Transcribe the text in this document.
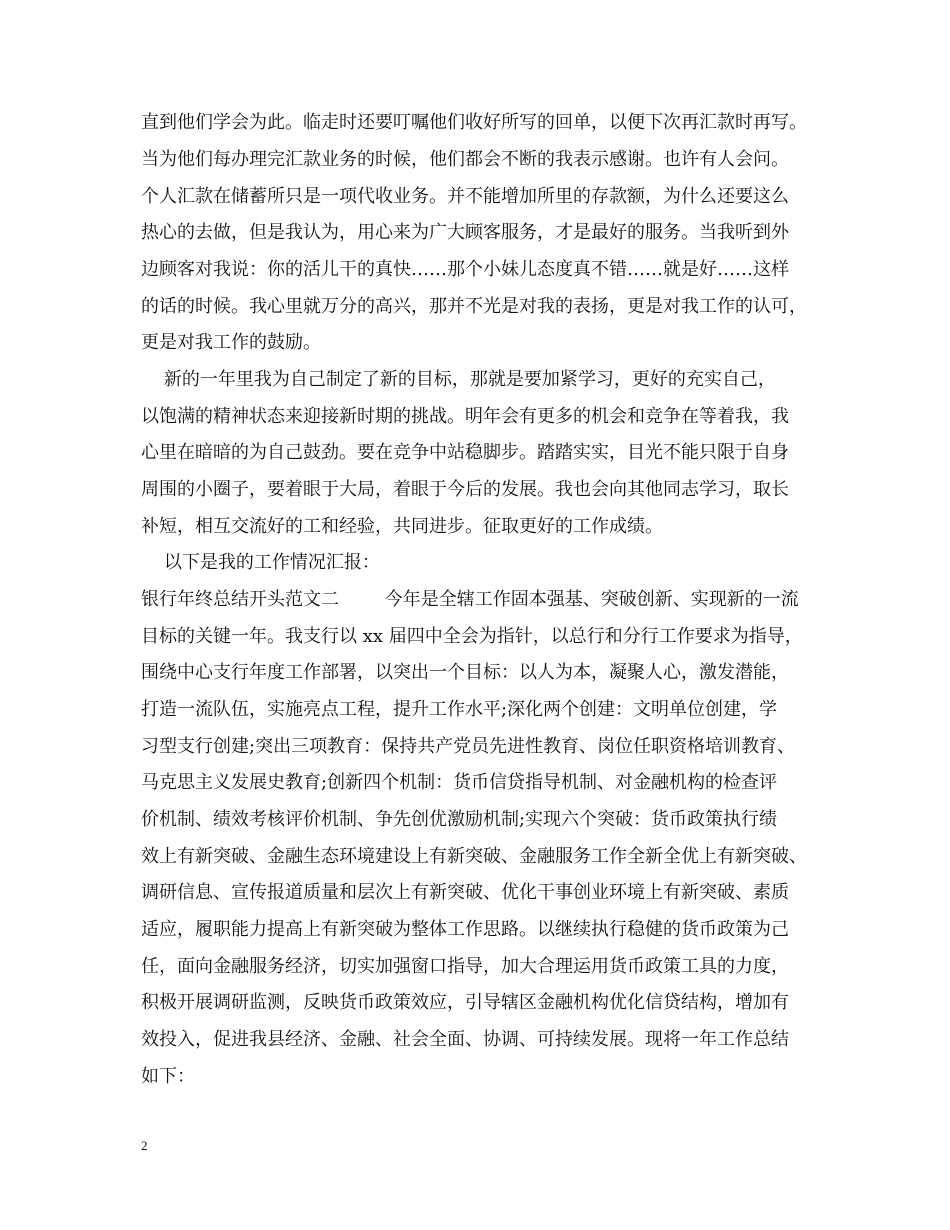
直到他们学会为此。临走时还要叮嘱他们收好所写的回单，以便下次再汇款时再写。
当为他们每办理完汇款业务的时候，他们都会不断的我表示感谢。也许有人会问。
个人汇款在储蓄所只是一项代收业务。并不能增加所里的存款额，为什么还要这么
热心的去做，但是我认为，用心来为广大顾客服务，才是最好的服务。当我听到外
边顾客对我说：你的活儿干的真快……那个小妹儿态度真不错……就是好……这样
的话的时候。我心里就万分的高兴，那并不光是对我的表扬，更是对我工作的认可，
更是对我工作的鼓励。
新的一年里我为自己制定了新的目标，那就是要加紧学习，更好的充实自己，
以饱满的精神状态来迎接新时期的挑战。明年会有更多的机会和竞争在等着我，我
心里在暗暗的为自己鼓劲。要在竞争中站稳脚步。踏踏实实，目光不能只限于自身
周围的小圈子，要着眼于大局，着眼于今后的发展。我也会向其他同志学习，取长
补短，相互交流好的工和经验，共同进步。征取更好的工作成绩。
以下是我的工作情况汇报：
银行年终总结开头范文二        今年是全辖工作固本强基、突破创新、实现新的一流
目标的关键一年。我支行以 xx 届四中全会为指针，以总行和分行工作要求为指导，
围绕中心支行年度工作部署，以突出一个目标：以人为本，凝聚人心，激发潜能，
打造一流队伍，实施亮点工程，提升工作水平;深化两个创建：文明单位创建，学
习型支行创建;突出三项教育：保持共产党员先进性教育、岗位任职资格培训教育、
马克思主义发展史教育;创新四个机制：货币信贷指导机制、对金融机构的检查评
价机制、绩效考核评价机制、争先创优激励机制;实现六个突破：货币政策执行绩
效上有新突破、金融生态环境建设上有新突破、金融服务工作全新全优上有新突破、
调研信息、宣传报道质量和层次上有新突破、优化干事创业环境上有新突破、素质
适应，履职能力提高上有新突破为整体工作思路。以继续执行稳健的货币政策为己
任，面向金融服务经济，切实加强窗口指导，加大合理运用货币政策工具的力度，
积极开展调研监测，反映货币政策效应，引导辖区金融机构优化信贷结构，增加有
效投入，促进我县经济、金融、社会全面、协调、可持续发展。现将一年工作总结
如下：
2
